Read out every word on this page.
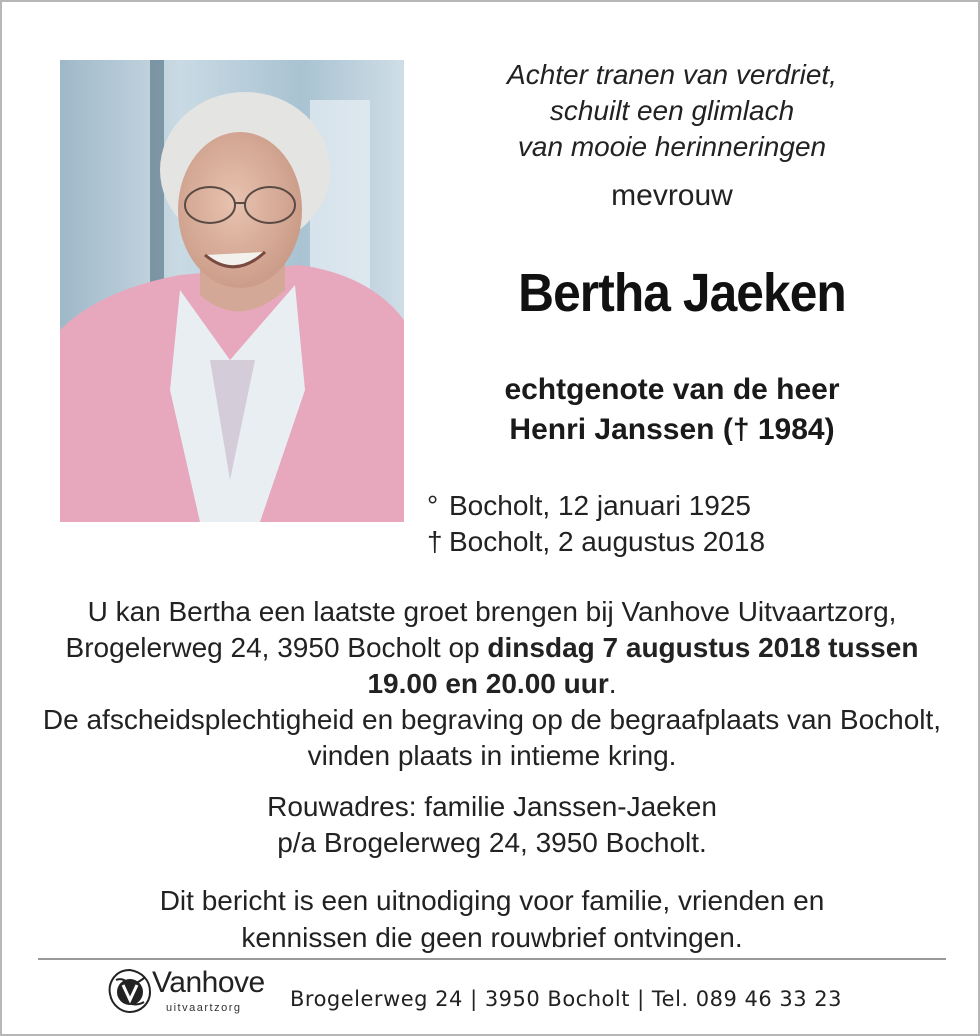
Achter tranen van verdriet,
schuilt een glimlach
van mooie herinneringen
mevrouw
Bertha Jaeken
echtgenote van de heer
Henri Janssen († 1984)
° Bocholt, 12 januari 1925
† Bocholt, 2 augustus 2018
U kan Bertha een laatste groet brengen bij Vanhove Uitvaartzorg, Brogelerweg 24, 3950 Bocholt op dinsdag 7 augustus 2018 tussen 19.00 en 20.00 uur.
De afscheidsplechtigheid en begraving op de begraafplaats van Bocholt, vinden plaats in intieme kring.
Rouwadres: familie Janssen-Jaeken
p/a Brogelerweg 24, 3950 Bocholt.
Dit bericht is een uitnodiging voor familie, vrienden en
kennissen die geen rouwbrief ontvingen.
Vanhove
uitvaartzorg Brogelerweg 24 | 3950 Bocholt | Tel. 089 46 33 23
